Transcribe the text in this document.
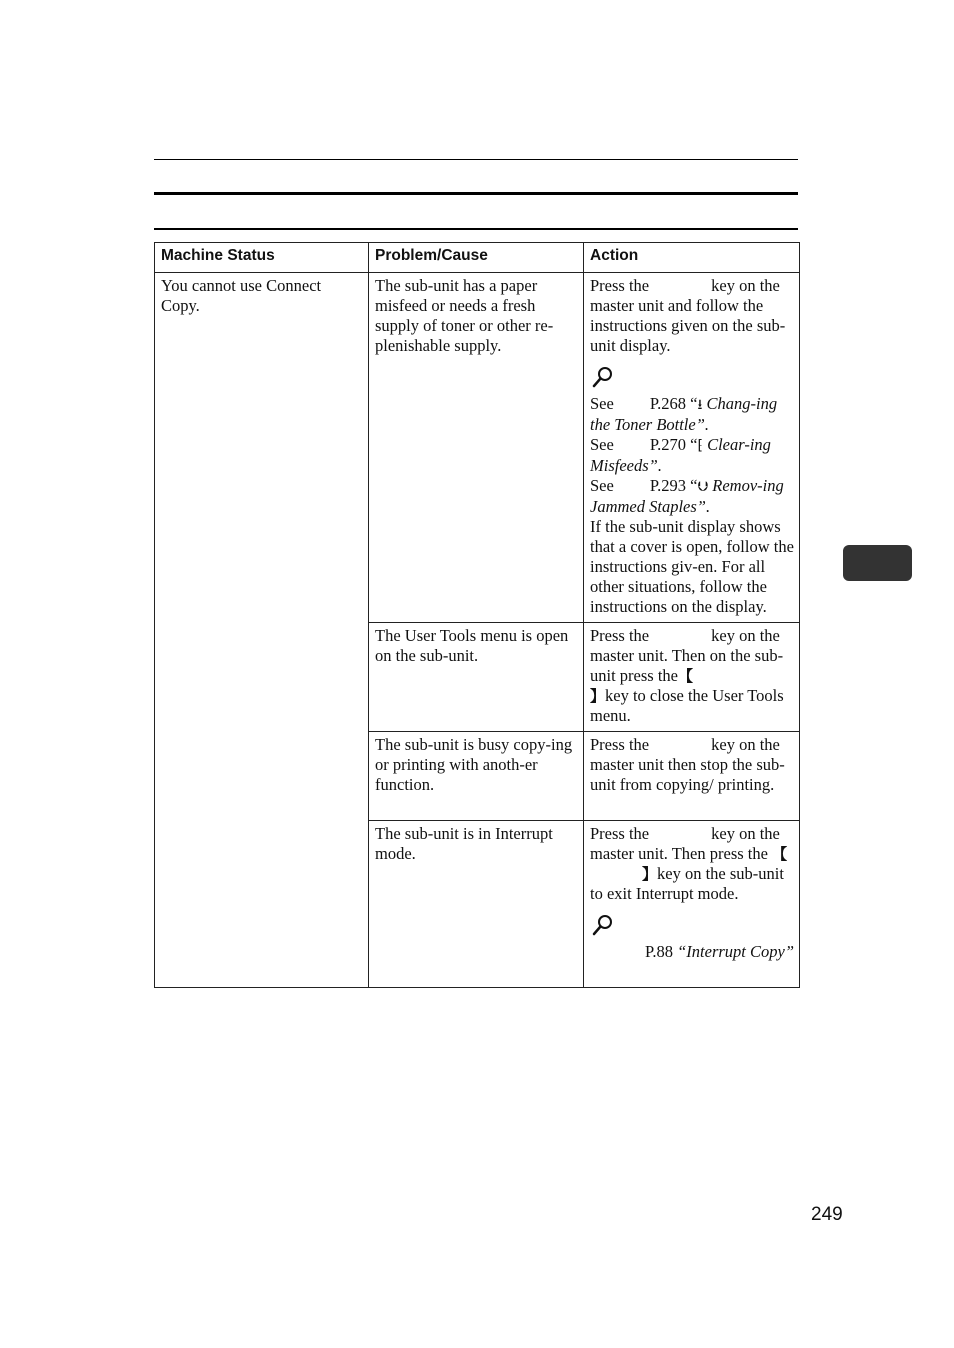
Machine Status	Problem/Cause	Action

You cannot use Connect Copy.	The sub-unit has a paper misfeed or needs a fresh supply of toner or other re-plenishable supply.	Press the key on the master unit and follow the instructions given on the sub-unit display.

See P.268 “⭳ Chang-ing the Toner Bottle”.

See P.270 “⁅ Clear-ing Misfeeds”.

See P.293 “⮋ Remov-ing Jammed Staples”.

If the sub-unit display shows that a cover is open, follow the instructions giv-en. For all other situations, follow the instructions on the display.

	The User Tools menu is open on the sub-unit.	Press the key on the master unit. Then on the sub-unit press the【】key to close the User Tools menu.

	The sub-unit is busy copy-ing or printing with anoth-er function.	Press the key on the master unit then stop the sub-unit from copying/ printing.

	The sub-unit is in Interrupt mode.	Press the key on the master unit. Then press the 【】key on the sub-unit to exit Interrupt mode.

P.88 “Interrupt Copy”

249
